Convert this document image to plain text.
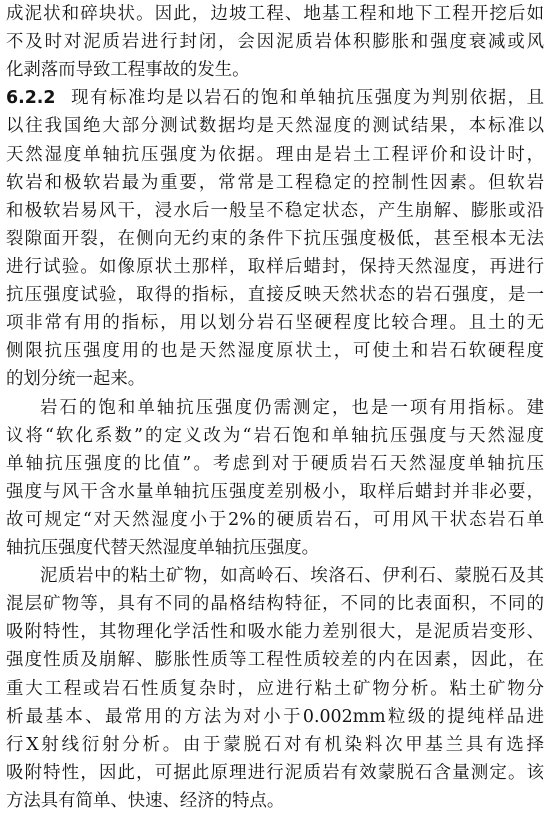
成泥状和碎块状。因此，边坡工程、地基工程和地下工程开挖后如
不及时对泥质岩进行封闭，会因泥质岩体积膨胀和强度衰减或风
化剥落而导致工程事故的发生。
6.2.2 现有标准均是以岩石的饱和单轴抗压强度为判别依据，且
以往我国绝大部分测试数据均是天然湿度的测试结果，本标准以
天然湿度单轴抗压强度为依据。理由是岩土工程评价和设计时，
软岩和极软岩最为重要，常常是工程稳定的控制性因素。但软岩
和极软岩易风干，浸水后一般呈不稳定状态，产生崩解、膨胀或沿
裂隙面开裂，在侧向无约束的条件下抗压强度极低，甚至根本无法
进行试验。如像原状土那样，取样后蜡封，保持天然湿度，再进行
抗压强度试验，取得的指标，直接反映天然状态的岩石强度，是一
项非常有用的指标，用以划分岩石坚硬程度比较合理。且土的无
侧限抗压强度用的也是天然湿度原状土，可使土和岩石软硬程度
的划分统一起来。
岩石的饱和单轴抗压强度仍需测定，也是一项有用指标。建
议将“软化系数”的定义改为“岩石饱和单轴抗压强度与天然湿度
单轴抗压强度的比值”。考虑到对于硬质岩石天然湿度单轴抗压
强度与风干含水量单轴抗压强度差别极小，取样后蜡封并非必要，
故可规定“对天然湿度小于2%的硬质岩石，可用风干状态岩石单
轴抗压强度代替天然湿度单轴抗压强度。
泥质岩中的粘土矿物，如高岭石、埃洛石、伊利石、蒙脱石及其
混层矿物等，具有不同的晶格结构特征，不同的比表面积，不同的
吸附特性，其物理化学活性和吸水能力差别很大，是泥质岩变形、
强度性质及崩解、膨胀性质等工程性质较差的内在因素，因此，在
重大工程或岩石性质复杂时，应进行粘土矿物分析。粘土矿物分
析最基本、最常用的方法为对小于0.002mm粒级的提纯样品进
行X射线衍射分析。由于蒙脱石对有机染料次甲基兰具有选择
吸附特性，因此，可据此原理进行泥质岩有效蒙脱石含量测定。该
方法具有简单、快速、经济的特点。
